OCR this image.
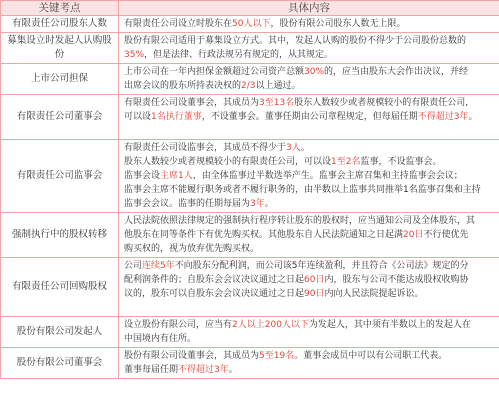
关键考点	具体内容
有限责任公司股东人数	有限责任公司设立时股东在50人以下，股份有限公司股东人数无上限。

募集设立时发起人认购股份	股份有限公司适用于募集设立方式。其中，发起人认购的股份不得少于公司股份总数的
35%，但是法律、行政法规另有规定的，从其规定。

上市公司担保	上市公司在一年内担保金额超过公司资产总额30%的，应当由股东大会作出决议，并经
出席会议的股东所持表决权的2/3以上通过。

有限责任公司董事会	有限责任公司设董事会，其成员为3至13名股东人数较少或者规模较小的有限责任公司，
可以设1名执行董事，不设董事会。董事任期由公司章程规定，但每届任期不得超过3年。

有限责任公司监事会	有限责任公司设监事会，其成员不得少于3人。
股东人数较少或者规模较小的有限责任公司，可以设1至2名监事，不设监事会。
监事会设主席1人，由全体监事过半数选举产生。监事会主席召集和主持监事会会议；
监事会主席不能履行职务或者不履行职务的，由半数以上监事共同推举1名监事召集和主持
监事会会议。监事的任期每届为3年。

强制执行中的股权转移	人民法院依照法律规定的强制执行程序转让股东的股权时，应当通知公司及全体股东，其
他股东在同等条件下有优先购买权。其他股东自人民法院通知之日起满20日不行使优先
购买权的，视为放弃优先购买权。

有限责任公司回购股权	公司连续5年不向股东分配利润，而公司该5年连续盈利，并且符合《公司法》规定的分
配利润条件的；自股东会会议决议通过之日起60日内，股东与公司不能达成股权收购协
议的，股东可以自股东会会议决议通过之日起90日内向人民法院提起诉讼。

股份有限公司发起人	设立股份有限公司，应当有2人以上200人以下为发起人，其中须有半数以上的发起人在
中国境内有住所。

股份有限公司董事会	股份有限公司设董事会，其成员为5至19名。董事会成员中可以有公司职工代表。
董事每届任期不得超过3年。
